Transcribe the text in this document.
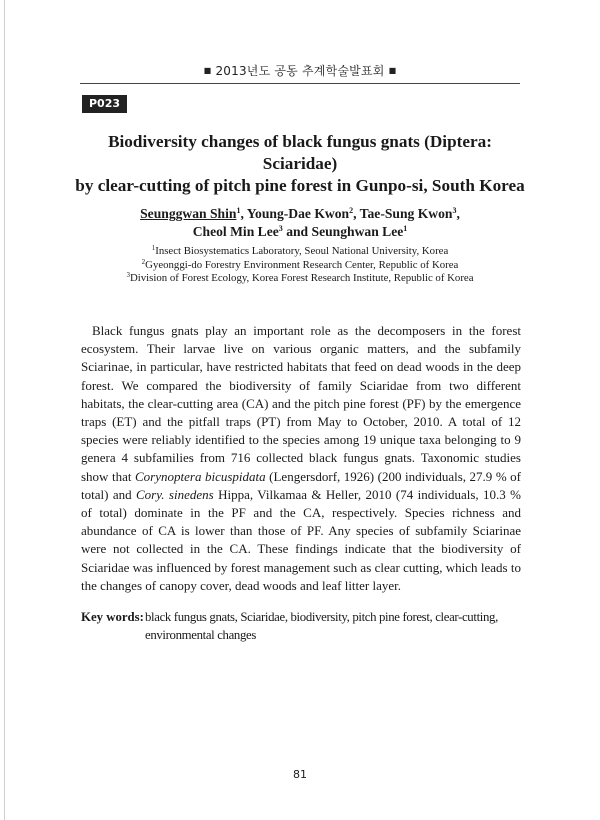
■ 2013년도 공동 추계학술발표회 ■
P023
Biodiversity changes of black fungus gnats (Diptera: Sciaridae)
by clear-cutting of pitch pine forest in Gunpo-si, South Korea
Seunggwan Shin$^1$, Young-Dae Kwon$^2$, Tae-Sung Kwon$^3$,
Cheol Min Lee$^3$ and Seunghwan Lee$^1$
$^1$Insect Biosystematics Laboratory, Seoul National University, Korea
$^2$Gyeonggi-do Forestry Environment Research Center, Republic of Korea
$^3$Division of Forest Ecology, Korea Forest Research Institute, Republic of Korea
Black fungus gnats play an important role as the decomposers in the forest ecosystem. Their larvae live on various organic matters, and the subfamily Sciarinae, in particular, have restricted habitats that feed on dead woods in the deep forest. We compared the biodiversity of family Sciaridae from two different habitats, the clear-cutting area (CA) and the pitch pine forest (PF) by the emergence traps (ET) and the pitfall traps (PT) from May to October, 2010. A total of 12 species were reliably identified to the species among 19 unique taxa belonging to 9 genera 4 subfamilies from 716 collected black fungus gnats. Taxonomic studies show that Corynoptera bicuspidata (Lengersdorf, 1926) (200 individuals, 27.9 % of total) and Cory. sinedens Hippa, Vilkamaa & Heller, 2010 (74 individuals, 10.3 % of total) dominate in the PF and the CA, respectively. Species richness and abundance of CA is lower than those of PF. Any species of subfamily Sciarinae were not collected in the CA. These findings indicate that the biodiversity of Sciaridae was influenced by forest management such as clear cutting, which leads to the changes of canopy cover, dead woods and leaf litter layer.
Key words: black fungus gnats, Sciaridae, biodiversity, pitch pine forest, clear-cutting, environmental changes
81
